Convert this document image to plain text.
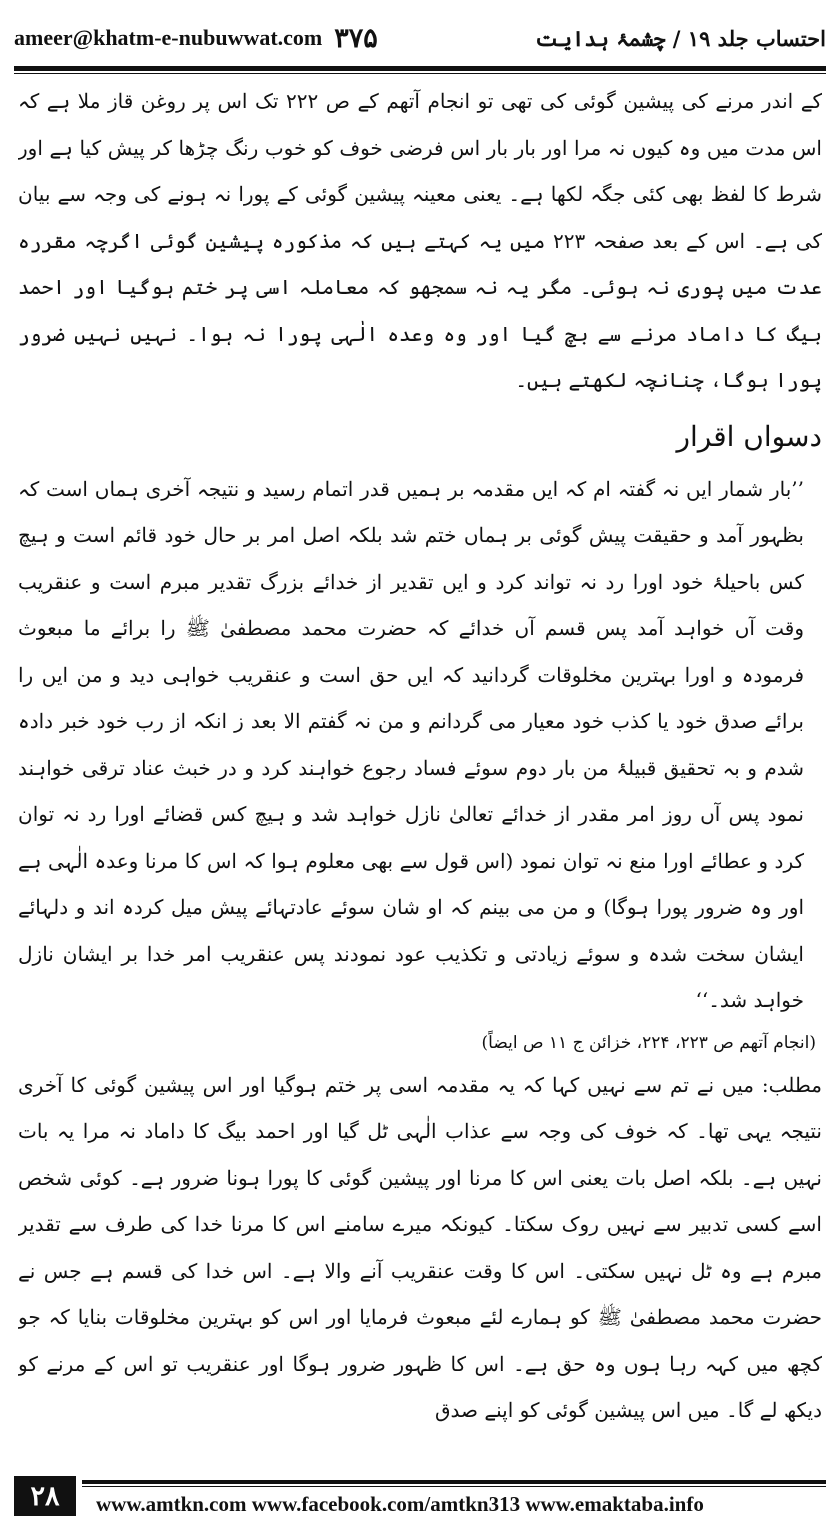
ameer@khatm-e-nubuwwat.com ۳۷۵	احتساب جلد ۱۹ / چشمۂ ہدایت

کے اندر مرنے کی پیشین گوئی کی تھی تو انجام آتھم کے ص ۲۲۲ تک اس پر روغن قاز ملا ہے کہ اس مدت میں وہ کیوں نہ مرا اور بار بار اس فرضی خوف کو خوب رنگ چڑھا کر پیش کیا ہے اور شرط کا لفظ بھی کئی جگہ لکھا ہے۔ یعنی معینہ پیشین گوئی کے پورا نہ ہونے کی وجہ سے بیان کی ہے۔ اس کے بعد صفحہ ۲۲۳ میں یہ کہتے ہیں کہ مذکورہ پیشین گوئی اگرچہ مقررہ عدت میں پوری نہ ہوئی۔ مگر یہ نہ سمجھو کہ معاملہ اسی پر ختم ہوگیا اور احمد بیگ کا داماد مرنے سے بچ گیا اور وہ وعدہ الٰہی پورا نہ ہوا۔ نہیں نہیں ضرور پورا ہوگا، چنانچہ لکھتے ہیں۔

دسواں اقرار

’’بار شمار ایں نہ گفتہ ام کہ ایں مقدمہ بر ہمیں قدر اتمام رسید و نتیجہ آخری ہماں است کہ بظہور آمد و حقیقت پیش گوئی بر ہماں ختم شد بلکہ اصل امر بر حال خود قائم است و ہیچ کس باحیلۂ خود اورا رد نہ تواند کرد و ایں تقدیر از خدائے بزرگ تقدیر مبرم است و عنقریب وقت آں خواہد آمد پس قسم آں خدائے کہ حضرت محمد مصطفیٰ ﷺ را برائے ما مبعوث فرمودہ و اورا بہترین مخلوقات گردانید کہ ایں حق است و عنقریب خواہی دید و من ایں را برائے صدق خود یا کذب خود معیار می گردانم و من نہ گفتم الا بعد ز انکہ از رب خود خبر دادہ شدم و بہ تحقیق قبیلۂ من بار دوم سوئے فساد رجوع خواہند کرد و در خبث عناد ترقی خواہند نمود پس آں روز امر مقدر از خدائے تعالیٰ نازل خواہد شد و ہیچ کس قضائے اورا رد نہ توان کرد و عطائے اورا منع نہ توان نمود (اس قول سے بھی معلوم ہوا کہ اس کا مرنا وعدہ الٰہی ہے اور وہ ضرور پورا ہوگا) و من می بینم کہ او شان سوئے عادتہائے پیش میل کردہ اند و دلہائے ایشان سخت شدہ و سوئے زیادتی و تکذیب عود نمودند پس عنقریب امر خدا بر ایشان نازل خواہد شد۔‘‘

(انجام آتھم ص ۲۲۳، ۲۲۴، خزائن ج ۱۱ ص ایضاً)

مطلب: میں نے تم سے نہیں کہا کہ یہ مقدمہ اسی پر ختم ہوگیا اور اس پیشین گوئی کا آخری نتیجہ یہی تھا۔ کہ خوف کی وجہ سے عذاب الٰہی ٹل گیا اور احمد بیگ کا داماد نہ مرا یہ بات نہیں ہے۔ بلکہ اصل بات یعنی اس کا مرنا اور پیشین گوئی کا پورا ہونا ضرور ہے۔ کوئی شخص اسے کسی تدبیر سے نہیں روک سکتا۔ کیونکہ میرے سامنے اس کا مرنا خدا کی طرف سے تقدیر مبرم ہے وہ ٹل نہیں سکتی۔ اس کا وقت عنقریب آنے والا ہے۔ اس خدا کی قسم ہے جس نے حضرت محمد مصطفیٰ ﷺ کو ہمارے لئے مبعوث فرمایا اور اس کو بہترین مخلوقات بنایا کہ جو کچھ میں کہہ رہا ہوں وہ حق ہے۔ اس کا ظہور ضرور ہوگا اور عنقریب تو اس کے مرنے کو دیکھ لے گا۔ میں اس پیشین گوئی کو اپنے صدق

۲۸	www.amtkn.com www.facebook.com/amtkn313 www.emaktaba.info
